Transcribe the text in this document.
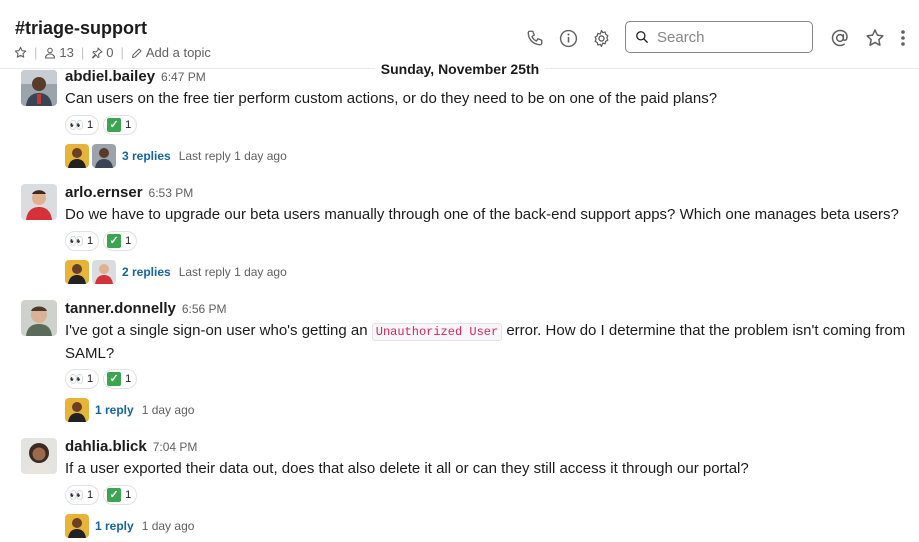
#triage-support
| 13 | 0 | Add a topic
Search
Sunday, November 25th
abdiel.bailey 6:47 PM
Can users on the free tier perform custom actions, or do they need to be on one of the paid plans?
👀 1 ✓ 1
3 replies Last reply 1 day ago
arlo.ernser 6:53 PM
Do we have to upgrade our beta users manually through one of the back-end support apps? Which one manages beta users?
👀 1 ✓ 1
2 replies Last reply 1 day ago
tanner.donnelly 6:56 PM
I've got a single sign-on user who's getting an Unauthorized User error. How do I determine that the problem isn't coming from SAML?
👀 1 ✓ 1
1 reply 1 day ago
dahlia.blick 7:04 PM
If a user exported their data out, does that also delete it all or can they still access it through our portal?
👀 1 ✓ 1
1 reply 1 day ago
